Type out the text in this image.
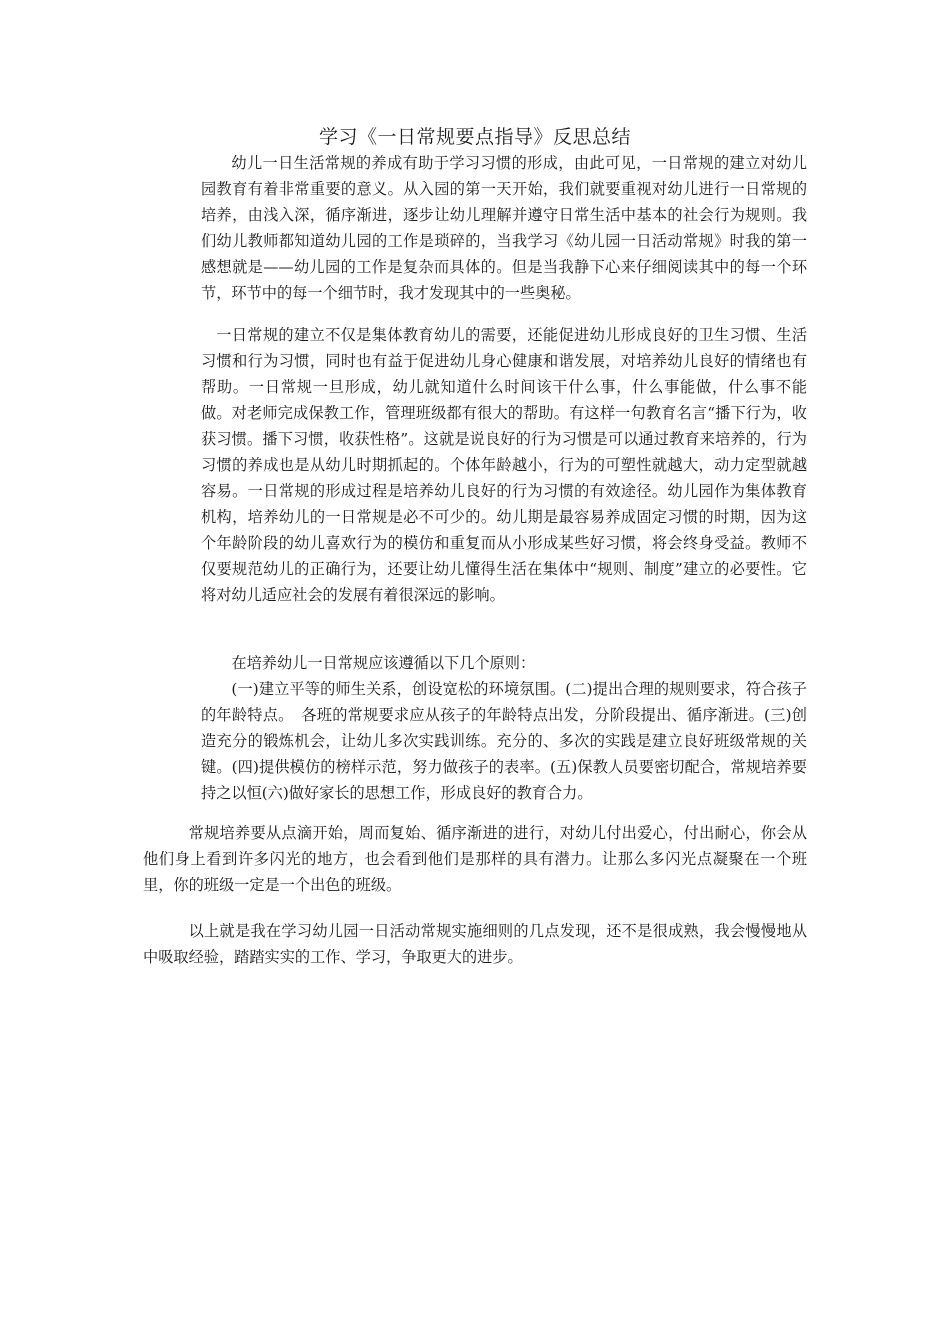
学习《一日常规要点指导》反思总结
幼儿一日生活常规的养成有助于学习习惯的形成，由此可见，一日常规的建立对幼儿园教育有着非常重要的意义。从入园的第一天开始，我们就要重视对幼儿进行一日常规的培养，由浅入深，循序渐进，逐步让幼儿理解并遵守日常生活中基本的社会行为规则。我们幼儿教师都知道幼儿园的工作是琐碎的，当我学习《幼儿园一日活动常规》时我的第一感想就是——幼儿园的工作是复杂而具体的。但是当我静下心来仔细阅读其中的每一个环节，环节中的每一个细节时，我才发现其中的一些奥秘。
一日常规的建立不仅是集体教育幼儿的需要，还能促进幼儿形成良好的卫生习惯、生活习惯和行为习惯，同时也有益于促进幼儿身心健康和谐发展，对培养幼儿良好的情绪也有帮助。一日常规一旦形成，幼儿就知道什么时间该干什么事，什么事能做，什么事不能做。对老师完成保教工作，管理班级都有很大的帮助。有这样一句教育名言“播下行为，收获习惯。播下习惯，收获性格”。这就是说良好的行为习惯是可以通过教育来培养的，行为习惯的养成也是从幼儿时期抓起的。个体年龄越小，行为的可塑性就越大，动力定型就越容易。一日常规的形成过程是培养幼儿良好的行为习惯的有效途径。幼儿园作为集体教育机构，培养幼儿的一日常规是必不可少的。幼儿期是最容易养成固定习惯的时期，因为这个年龄阶段的幼儿喜欢行为的模仿和重复而从小形成某些好习惯，将会终身受益。教师不仅要规范幼儿的正确行为，还要让幼儿懂得生活在集体中“规则、制度”建立的必要性。它将对幼儿适应社会的发展有着很深远的影响。
在培养幼儿一日常规应该遵循以下几个原则：
(一)建立平等的师生关系，创设宽松的环境氛围。(二)提出合理的规则要求，符合孩子的年龄特点。　各班的常规要求应从孩子的年龄特点出发，分阶段提出、循序渐进。(三)创造充分的锻炼机会，让幼儿多次实践训练。充分的、多次的实践是建立良好班级常规的关键。(四)提供模仿的榜样示范，努力做孩子的表率。(五)保教人员要密切配合，常规培养要持之以恒(六)做好家长的思想工作，形成良好的教育合力。
常规培养要从点滴开始，周而复始、循序渐进的进行，对幼儿付出爱心，付出耐心，你会从他们身上看到许多闪光的地方，也会看到他们是那样的具有潜力。让那么多闪光点凝聚在一个班里，你的班级一定是一个出色的班级。
以上就是我在学习幼儿园一日活动常规实施细则的几点发现，还不是很成熟，我会慢慢地从中吸取经验，踏踏实实的工作、学习，争取更大的进步。
